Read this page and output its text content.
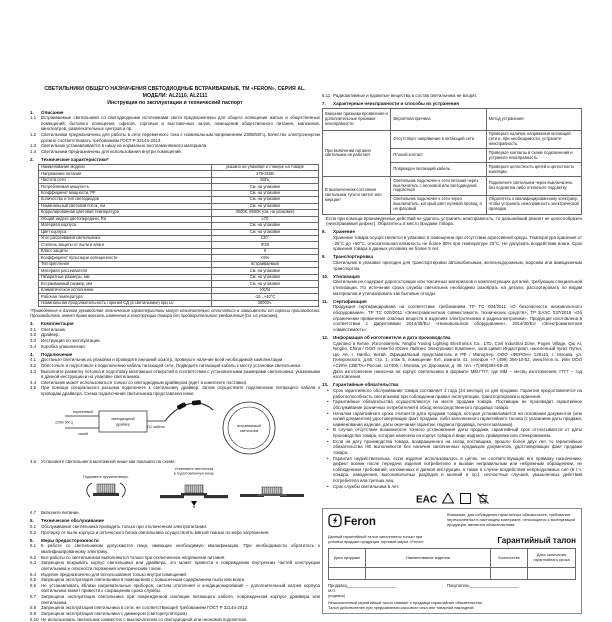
СВЕТИЛЬНИКИ ОБЩЕГО НАЗНАЧЕНИЯ СВЕТОДИОДНЫЕ ВСТРАИВАЕМЫЕ, ТМ «FERON», СЕРИЯ AL.
МОДЕЛИ: AL2110, AL2111
Инструкция по эксплуатации и технический паспорт
1.	Описание
1.1	Встраиваемые светильники со светодиодными источниками света предназначены для общего освещения жилых и общественных помещений: бытового освещения, офисов, торговых и выставочных залов, помещений общественного питания, магазинов, кинотеатров, развлекательных центров и пр.
1.2	Светильники предназначены для работы в сети переменного тока с номинальным напряжением 230В/50Гц. Качество электроэнергии должно соответствовать требованиям ГОСТ Р 32144-2013.
1.3	Светильник устанавливается в нишу из нормально воспламеняемого материала.
1.4	Светильники предназначены для использования внутри помещений.
2.	Технические характеристики*
Наименование модели	указано на упаковке и стикере на товаре
Напряжение питания	175-250В
Частота сети	50Гц
Потребляемая мощность	См. на упаковке
Коэффициент мощности, PF	См. на упаковке
Количество и тип светодиодов	См. на упаковке
Номинальный световой поток, лм	См. на упаковке
Коррелированная цветовая температура	4000К, 6500К (см. на упаковке)
Общий индекс цветопередачи, Ra	≥70
Материал корпуса	См. на упаковке
Цвет корпуса	См. на упаковке
Угол рассеивания светильника	120°
Степень защиты от пыли и влаги	IP20
Класс защиты	II
Коэффициент пульсации освещенности	<5%
Тип крепления	встраиваемый
Материал рассеивателя	См. на упаковке
Габаритные размеры, мм	См. на упаковке
Встраиваемый размер, мм	См. на упаковке
Климатическое исполнение	УХЛ4
Рабочая температура	-10...+40°С
Номинальная продолжительность горения СД (в светильнике) при Lu	30000ч.
*Приведенные в данном руководстве технические характеристики могут незначительно отличаться в зависимости от партии производства. Производитель имеет право вносить изменения в конструкцию товара без предварительного уведомления (см. на упаковке).
3.	Комплектация
3.1	Светильник.
3.2	Драйвер.
3.3	Инструкция по эксплуатации.
3.4	Коробка упаковочная.
4.	Подключение
4.1	Достаньте светильник из упаковки и проведите внешний осмотр, проверьте наличие всей необходимой комплектации.
4.2	Обесточьте и подготовьте к подключению кабель питающей сети. Подведите питающий кабель к месту установки светильника.
4.3	Выполните разметку потолка и подготовку монтажных отверстий в соответствии с установочными размерами светильника, указанными в данной инструкции и на упаковке светильника.
4.4	Светильник может использоваться только со светодиодным драйвером (идет в комплекте поставки).
4.5	При помощи специального разъема подключите к светильнику драйвер. Затем осуществите подключение питающего кабеля к проводам драйвера. Схема подключения светильника представлена ниже:
коричневый
220В 50Гц
синий
светодиодный
драйвер
DC кабель	встраиваемый
светильник
4.6	Установите светильник в монтажной нише как показано на схеме:
Поднимите пружины вверх.
Установите светильник
в подготовленную нишу.
4.7	Включите питание.
5.	Техническое обслуживание
5.1	Обслуживание светильника проводить только при отключенном электропитании.
5.2	Протирку от пыли корпуса и оптического блока светильника осуществлять мягкой тканью по мере загрязнения.
6.	Меры предосторожности
6.1	К работе со светильником допускаются лица, имеющие необходимую квалификацию. При необходимости обратитесь к квалифицированному электрику.
6.2	Все работы со светильником выполняются только при отключенном напряжении питания.
6.3	Запрещено вскрывать корпус светильника или драйвера, это может привести к повреждению внутренних частей конструкции светильника и опасности поражения электрическим током.
6.4	Изделие предназначено для использования только внутри помещений.
6.5	Запрещена эксплуатация светильника в помещениях с повышенным содержанием пыли или влаги.
6.6	Не устанавливать вблизи нагревательных приборов, систем отопления и кондиционирования – дополнительный нагрев корпуса светильника может привести к сокращению срока службы.
6.7	Запрещена эксплуатация светильника при поврежденной изоляции питающего кабеля, поврежденном корпусе драйвера или светильника.
6.8	Запрещена эксплуатация светильника в сети, не соответствующей требованиям ГОСТ Р 32144-2013.
6.9	Запрещена эксплуатация светильника с диммером (светорегулятором).
6.10 Не использовать светильник совместно с выключателем со светодиодной или неоновой подсветкой.
6.11 Радиоактивные и ядовитые вещества в состав светильника не входят.
7.	Характерные неисправности и способы их устранения
Внешние признаки проявления и дополнительные признаки неисправности	Вероятная причина	Метод устранения
При включении питания светильник не работает	Отсутствует напряжение в питающей сети	Проверьте наличие напряжения питающей сети и, при необходимости, устраните неисправность.
	Плохой контакт	Проверьте контакты в схеме подключения и устраните неисправность.
	Поврежден питающий кабель	Проверьте целостность цепей и целостность изоляции.
В выключенном состоянии светильник тускло светит или мерцает	Светильник подключен к сети питания через выключатель с неоновой или светодиодной подсветкой	Подключите светильник через выключатель без подсветки либо отключите подсветку
	Светильник подключен к сети через выключатель, который рвет нулевой провод, а не фазовый	Обратитесь к квалифицированному электрику, чтобы устранить неисправность электрической проводки
Если при помощи произведенных действий не удалось устранить неисправность, то дальнейший ремонт не целесообразен (неисправимый дефект). Обратитесь в место продажи товара.
8.	Хранение
Хранение товара осуществляется в упаковке в помещении при отсутствии агрессивной среды. Температура хранения от -25°С до +50°С, относительная влажность не более 80% при температуре 25°С. Не допускать воздействия влаги. Срок хранения товара в данных условиях не более 5 лет.
9.	Транспортировка
Светильник в упаковке пригоден для транспортировки автомобильным, железнодорожным, морским или авиационным транспортом.
10.	Утилизация
Светильник не содержит дорогостоящих или токсичных материалов и комплектующих деталей, требующих специальной утилизации. По истечении срока службы светильник необходимо разобрать на детали, рассортировать по видам материалов и утилизировать как бытовые отходы.
11.	Сертификация
Продукция сертифицирована на соответствие требованиям ТР ТС 004/2011 «О безопасности низковольтного оборудования», ТР ТС 020/2011 «Электромагнитная совместимость технических средств», ТР ЕАЭС 037/2016 «Об ограничении применения опасных веществ в изделиях электротехники и радиоэлектроники». Продукция изготовлена в соответствии с Директивами 2014/35/EU «Низковольтное оборудование», 2014/30/EU «Электромагнитная совместимость».
12.	Информация об изготовителе и дата производства
Сделано в Китае. Изготовитель: Ningbo Yusing Lighting Electronics Co., LTD, Civil Industrial Zone, Pugen Village, Qiu Ai, Ningbo, China / ООО «Нингбо Юсинг Лайтинг Электроникс Компани», зона Цивил Индастриал, населенный пункт Пуген, Цю Ай, г. Нинбо, Китай. Официальный представитель в РФ / Импортер: ООО «ФЕРОН» 129110, г. Москва, ул. Гиляровского, д.65, стр. 1, этаж 5, помещение XVI, комната 41, телефон +7 (499) 394-10-52, www.feron.ru. Или ООО «СИЛА СВЕТА» Россия, 117405, г. Москва, ул. Дорожная, д. 48, тел. +7(499)394-69-26
Дата изготовления нанесена на корпус светильника в формате ММ.ГГГГ, где ММ – месяц изготовления, ГГГГ – год изготовления.
13.	Гарантийные обязательства
•
Срок гарантийного обслуживания товара составляет 2 года (24 месяца) со дня продажи. Гарантия предоставляется на работоспособность светильника при соблюдении правил эксплуатации, транспортировки и хранения.
•
Гарантийные обязательства осуществляются на месте продажи товара. Поставщик не производит гарантийное обслуживание розничных потребителей в обход непосредственного продавца товара.
•
Началом гарантийного срока считается дата продажи товара, которая устанавливается на основании документов (или копий документов) удостоверяющих факт продажи, либо заполненного гарантийного талона (с указанием даты продажи, наименования изделия, даты окончания гарантии, подписи продавца, печати магазина).
•
В случае отсутствия возможности точного установления даты продажи, гарантийный срок отсчитывается от даты производства товара, которая нанесена на корпус товара в виде надписи, гравировки или стикерованием.
•
Если на дату производства товара, возвращенного на склад поставщика, прошло более двух лет, то гарантийные обязательства НЕ выполняются без наличия заполненных продавцом документов, удостоверяющих факт продажи товара.
•
Гарантия недействительна, если изделие использовалось в целях, не соответствующих его прямому назначению, дефект возник после передачи изделия потребителю и вызван неправильным или небрежным обращением, не соблюдением требований, изложенных в данной инструкции, а также в случае воздействия непреодолимых сил (в т.ч. пожара, наводнения, высоковольтных разрядов и молний и пр.), несчастных случаев, умышленных действий потребителя или третьих лиц.
•
Срок службы светильника 5 лет.
EAC
Feron
Внимание, для соблюдения гарантийных обязательств, требования перечисленные в настоящем материале, относящиеся к эксплуатации продукции, являются обязательными.
Данный гарантийный талон заполняется только при условии продажи продукции торговой марки «Feron»	Гарантийный талон
Дата продажи	Наименование изделия	Количество	Дата окончания гарантийного срока

Продавец_____________________	Покупатель_____________________
М.П.
(подпись)
Незаполненный гарантийный талон снимает с продавца гарантийные обязательства.
Талон действителен при предъявлении кассового чека или товарной накладной.
